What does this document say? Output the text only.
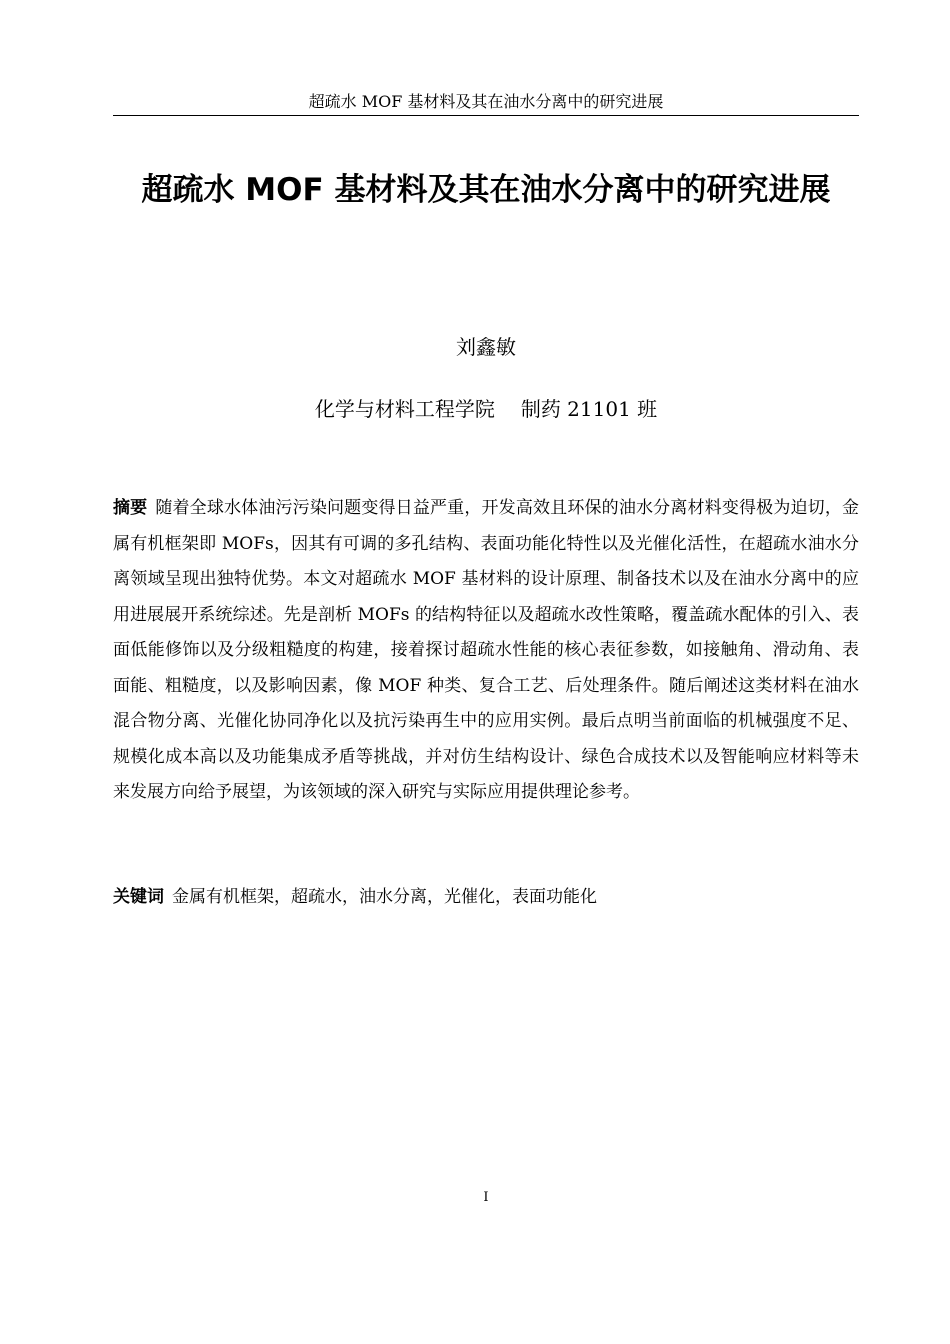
超疏水 MOF 基材料及其在油水分离中的研究进展
超疏水 MOF 基材料及其在油水分离中的研究进展
刘鑫敏
化学与材料工程学院 制药 21101 班

摘要 随着全球水体油污污染问题变得日益严重，开发高效且环保的油水分离材料变得极为迫切，金属有机框架即 MOFs，因其有可调的多孔结构、表面功能化特性以及光催化活性，在超疏水油水分离领域呈现出独特优势。本文对超疏水 MOF 基材料的设计原理、制备技术以及在油水分离中的应用进展展开系统综述。先是剖析 MOFs 的结构特征以及超疏水改性策略，覆盖疏水配体的引入、表面低能修饰以及分级粗糙度的构建，接着探讨超疏水性能的核心表征参数，如接触角、滑动角、表面能、粗糙度，以及影响因素，像 MOF 种类、复合工艺、后处理条件。随后阐述这类材料在油水混合物分离、光催化协同净化以及抗污染再生中的应用实例。最后点明当前面临的机械强度不足、规模化成本高以及功能集成矛盾等挑战，并对仿生结构设计、绿色合成技术以及智能响应材料等未来发展方向给予展望，为该领域的深入研究与实际应用提供理论参考。

关键词 金属有机框架，超疏水，油水分离，光催化，表面功能化
I
